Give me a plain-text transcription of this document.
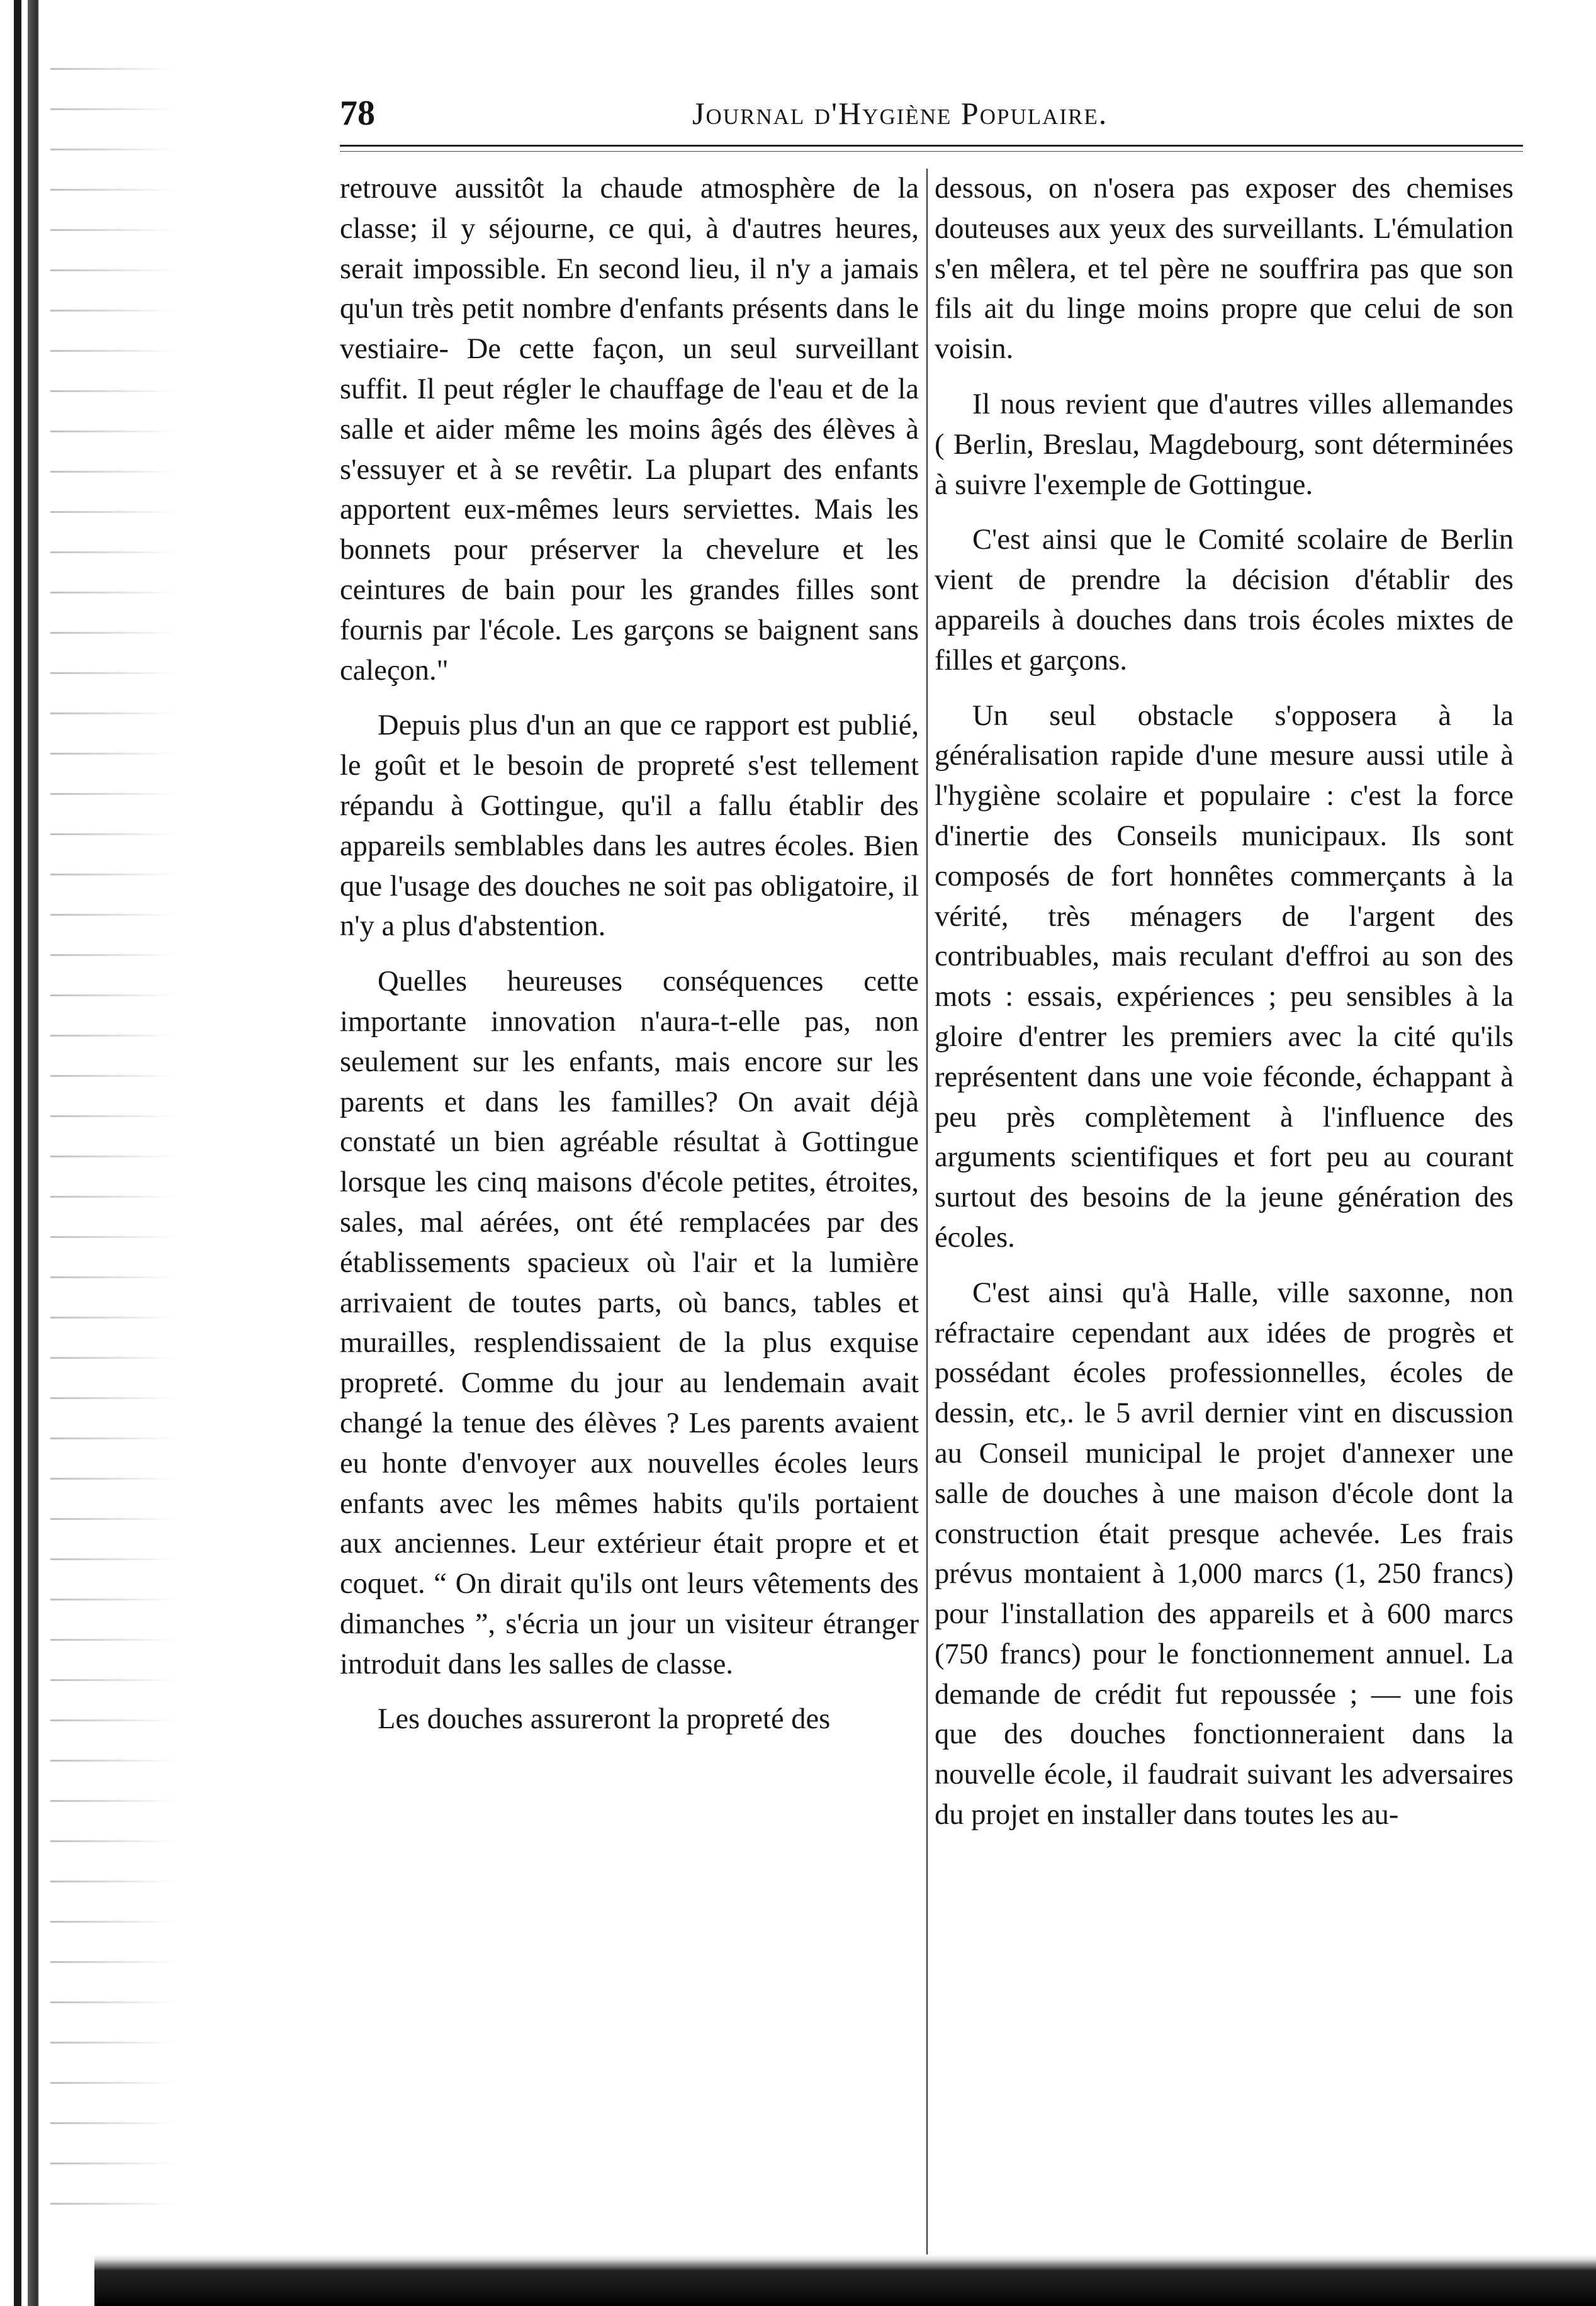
78	Journal d'Hygiène Populaire.

retrouve aussitôt la chaude atmosphère de la classe; il y séjourne, ce qui, à d'autres heures, serait impossible. En second lieu, il n'y a jamais qu'un très petit nombre d'enfants présents dans le vestiaire- De cette façon, un seul surveillant suffit. Il peut régler le chauffage de l'eau et de la salle et aider même les moins âgés des élèves à s'essuyer et à se revêtir. La plupart des enfants apportent eux-mêmes leurs serviettes. Mais les bonnets pour préserver la chevelure et les ceintures de bain pour les grandes filles sont fournis par l'école. Les garçons se baignent sans caleçon."

Depuis plus d'un an que ce rapport est publié, le goût et le besoin de propreté s'est tellement répandu à Gottingue, qu'il a fallu établir des appareils semblables dans les autres écoles. Bien que l'usage des douches ne soit pas obligatoire, il n'y a plus d'abstention.

Quelles heureuses conséquences cette importante innovation n'aura-t-elle pas, non seulement sur les enfants, mais encore sur les parents et dans les familles? On avait déjà constaté un bien agréable résultat à Gottingue lorsque les cinq maisons d'école petites, étroites, sales, mal aérées, ont été remplacées par des établissements spacieux où l'air et la lumière arrivaient de toutes parts, où bancs, tables et murailles, resplendissaient de la plus exquise propreté. Comme du jour au lendemain avait changé la tenue des élèves ? Les parents avaient eu honte d'envoyer aux nouvelles écoles leurs enfants avec les mêmes habits qu'ils portaient aux anciennes. Leur extérieur était propre et et coquet. “ On dirait qu'ils ont leurs vêtements des dimanches ”, s'écria un jour un visiteur étranger introduit dans les salles de classe.

Les douches assureront la propreté des

dessous, on n'osera pas exposer des chemises douteuses aux yeux des surveillants. L'émulation s'en mêlera, et tel père ne souffrira pas que son fils ait du linge moins propre que celui de son voisin.

Il nous revient que d'autres villes allemandes ( Berlin, Breslau, Magdebourg, sont déterminées à suivre l'exemple de Gottingue.

C'est ainsi que le Comité scolaire de Berlin vient de prendre la décision d'établir des appareils à douches dans trois écoles mixtes de filles et garçons.

Un seul obstacle s'opposera à la généralisation rapide d'une mesure aussi utile à l'hygiène scolaire et populaire : c'est la force d'inertie des Conseils municipaux. Ils sont composés de fort honnêtes commerçants à la vérité, très ménagers de l'argent des contribuables, mais reculant d'effroi au son des mots : essais, expériences ; peu sensibles à la gloire d'entrer les premiers avec la cité qu'ils représentent dans une voie féconde, échappant à peu près complètement à l'influence des arguments scientifiques et fort peu au courant surtout des besoins de la jeune génération des écoles.

C'est ainsi qu'à Halle, ville saxonne, non réfractaire cependant aux idées de progrès et possédant écoles professionnelles, écoles de dessin, etc,. le 5 avril dernier vint en discussion au Conseil municipal le projet d'annexer une salle de douches à une maison d'école dont la construction était presque achevée. Les frais prévus montaient à 1,000 marcs (1, 250 francs) pour l'installation des appareils et à 600 marcs (750 francs) pour le fonctionnement annuel. La demande de crédit fut repoussée ; — une fois que des douches fonctionneraient dans la nouvelle école, il faudrait suivant les adversaires du projet en installer dans toutes les au-
